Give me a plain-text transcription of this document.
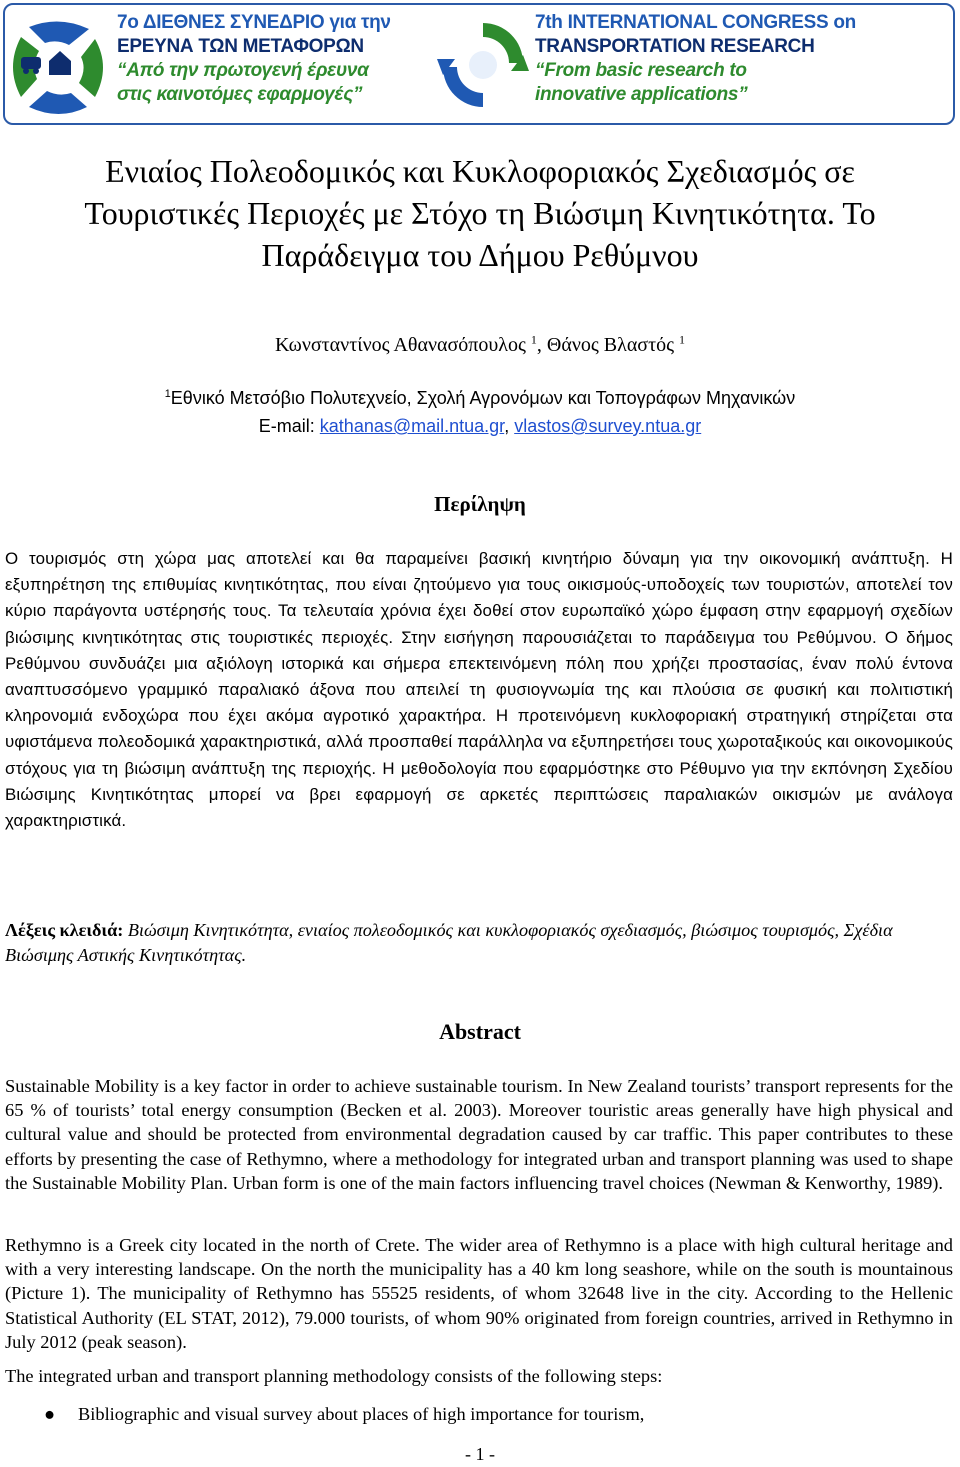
7ο ΔΙΕΘΝΕΣ ΣΥΝΕΔΡΙΟ για την
ΕΡΕΥΝΑ ΤΩΝ ΜΕΤΑΦΟΡΩΝ
“Από την πρωτογενή έρευνα
στις καινοτόμες εφαρμογές”
7th INTERNATIONAL CONGRESS on
TRANSPORTATION RESEARCH
“From basic research to
innovative applications”
Ενιαίος Πολεοδομικός και Κυκλοφοριακός Σχεδιασμός σε
Τουριστικές Περιοχές με Στόχο τη Βιώσιμη Κινητικότητα. Το
Παράδειγμα του Δήμου Ρεθύμνου
Κωνσταντίνος Αθανασόπουλος $^1$, Θάνος Βλαστός $^1$
$^1$Εθνικό Μετσόβιο Πολυτεχνείο, Σχολή Αγρονόμων και Τοπογράφων Μηχανικών
E-mail: kathanas@mail.ntua.gr, vlastos@survey.ntua.gr
Περίληψη
Ο τουρισμός στη χώρα μας αποτελεί και θα παραμείνει βασική κινητήριο δύναμη για την οικονομική ανάπτυξη. Η εξυπηρέτηση της επιθυμίας κινητικότητας, που είναι ζητούμενο για τους οικισμούς-υποδοχείς των τουριστών, αποτελεί τον κύριο παράγοντα υστέρησής τους. Τα τελευταία χρόνια έχει δοθεί στον ευρωπαϊκό χώρο έμφαση στην εφαρμογή σχεδίων βιώσιμης κινητικότητας στις τουριστικές περιοχές. Στην εισήγηση παρουσιάζεται το παράδειγμα του Ρεθύμνου. Ο δήμος Ρεθύμνου συνδυάζει μια αξιόλογη ιστορικά και σήμερα επεκτεινόμενη πόλη που χρήζει προστασίας, έναν πολύ έντονα αναπτυσσόμενο γραμμικό παραλιακό άξονα που απειλεί τη φυσιογνωμία της και πλούσια σε φυσική και πολιτιστική κληρονομιά ενδοχώρα που έχει ακόμα αγροτικό χαρακτήρα. Η προτεινόμενη κυκλοφοριακή στρατηγική στηρίζεται στα υφιστάμενα πολεοδομικά χαρακτηριστικά, αλλά προσπαθεί παράλληλα να εξυπηρετήσει τους χωροταξικούς και οικονομικούς στόχους για τη βιώσιμη ανάπτυξη της περιοχής. Η μεθοδολογία που εφαρμόστηκε στο Ρέθυμνο για την εκπόνηση Σχεδίου Βιώσιμης Κινητικότητας μπορεί να βρει εφαρμογή σε αρκετές περιπτώσεις παραλιακών οικισμών με ανάλογα χαρακτηριστικά.
Λέξεις κλειδιά: Βιώσιμη Κινητικότητα, ενιαίος πολεοδομικός και κυκλοφοριακός σχεδιασμός, βιώσιμος τουρισμός, Σχέδια Βιώσιμης Αστικής Κινητικότητας.
Abstract
Sustainable Mobility is a key factor in order to achieve sustainable tourism. In New Zealand tourists’ transport represents for the 65 % of tourists’ total energy consumption (Becken et al. 2003). Moreover touristic areas generally have high physical and cultural value and should be protected from environmental degradation caused by car traffic. This paper contributes to these efforts by presenting the case of Rethymno, where a methodology for integrated urban and transport planning was used to shape the Sustainable Mobility Plan. Urban form is one of the main factors influencing travel choices (Newman & Kenworthy, 1989).
Rethymno is a Greek city located in the north of Crete. The wider area of Rethymno is a place with high cultural heritage and with a very interesting landscape. On the north the municipality has a 40 km long seashore, while on the south is mountainous (Picture 1). The municipality of Rethymno has 55525 residents, of whom 32648 live in the city. According to the Hellenic Statistical Authority (EL STAT, 2012), 79.000 tourists, of whom 90% originated from foreign countries, arrived in Rethymno in July 2012 (peak season).
The integrated urban and transport planning methodology consists of the following steps:
● Bibliographic and visual survey about places of high importance for tourism,
- 1 -
